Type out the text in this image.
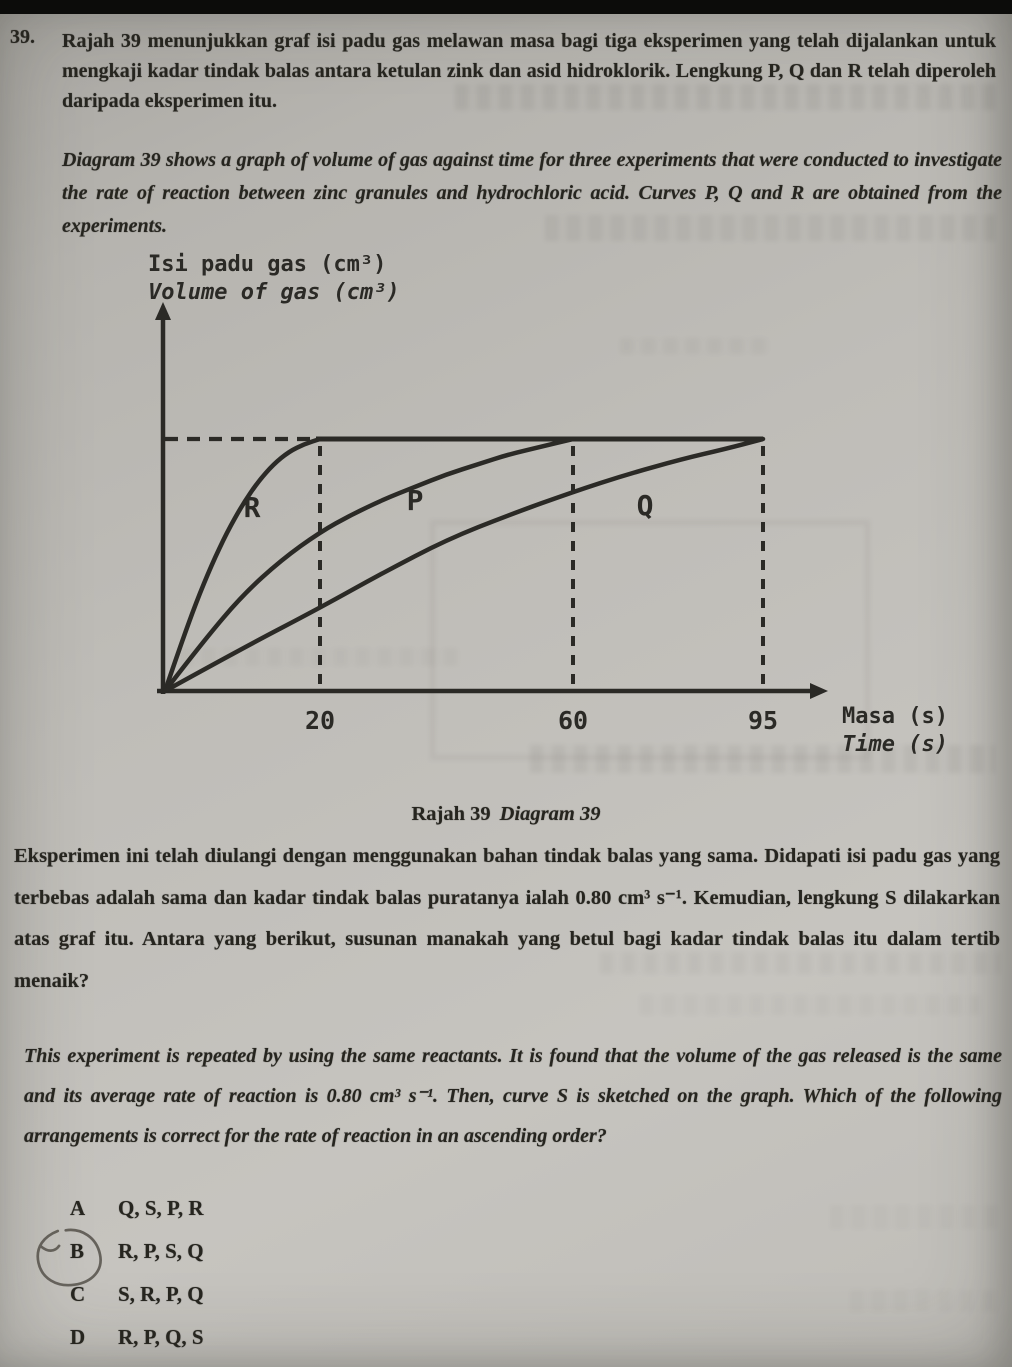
39. Rajah 39 menunjukkan graf isi padu gas melawan masa bagi tiga eksperimen yang telah dijalankan untuk mengkaji kadar tindak balas antara ketulan zink dan asid hidroklorik. Lengkung P, Q dan R telah diperoleh daripada eksperimen itu.
Diagram 39 shows a graph of volume of gas against time for three experiments that were conducted to investigate the rate of reaction between zinc granules and hydrochloric acid. Curves P, Q and R are obtained from the experiments.
R	P	Q
20	60	95
Isi padu gas (cm³)
Volume of gas (cm³)
Masa (s)
Time (s)
Rajah 39 Diagram 39
Eksperimen ini telah diulangi dengan menggunakan bahan tindak balas yang sama. Didapati isi padu gas yang terbebas adalah sama dan kadar tindak balas puratanya ialah 0.80 cm³ s⁻¹. Kemudian, lengkung S dilakarkan atas graf itu. Antara yang berikut, susunan manakah yang betul bagi kadar tindak balas itu dalam tertib menaik?
This experiment is repeated by using the same reactants. It is found that the volume of the gas released is the same and its average rate of reaction is 0.80 cm³ s⁻¹. Then, curve S is sketched on the graph. Which of the following arrangements is correct for the rate of reaction in an ascending order?
A	Q, S, P, R
B	R, P, S, Q
C	S, R, P, Q
D	R, P, Q, S
